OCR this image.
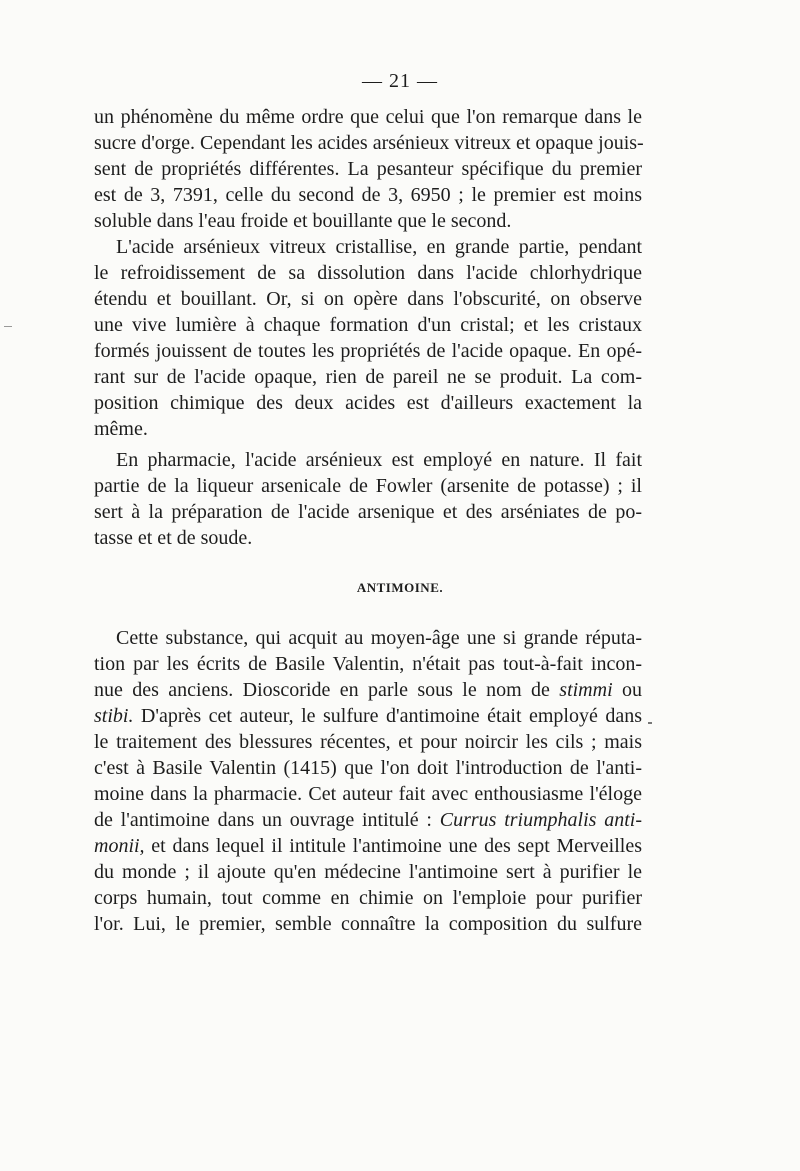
— 21 —
un phénomène du même ordre que celui que l'on remarque dans le
sucre d'orge. Cependant les acides arsénieux vitreux et opaque jouis-
sent de propriétés différentes. La pesanteur spécifique du premier
est de 3, 7391, celle du second de 3, 6950 ; le premier est moins
soluble dans l'eau froide et bouillante que le second.
L'acide arsénieux vitreux cristallise, en grande partie, pendant
le refroidissement de sa dissolution dans l'acide chlorhydrique
étendu et bouillant. Or, si on opère dans l'obscurité, on observe
une vive lumière à chaque formation d'un cristal; et les cristaux
formés jouissent de toutes les propriétés de l'acide opaque. En opé-
rant sur de l'acide opaque, rien de pareil ne se produit. La com-
position chimique des deux acides est d'ailleurs exactement la
même.
En pharmacie, l'acide arsénieux est employé en nature. Il fait
partie de la liqueur arsenicale de Fowler (arsenite de potasse) ; il
sert à la préparation de l'acide arsenique et des arséniates de po-
tasse et et de soude.
ANTIMOINE.
Cette substance, qui acquit au moyen-âge une si grande réputa-
tion par les écrits de Basile Valentin, n'était pas tout-à-fait incon-
nue des anciens. Dioscoride en parle sous le nom de stimmi ou
stibi. D'après cet auteur, le sulfure d'antimoine était employé dans
le traitement des blessures récentes, et pour noircir les cils ; mais
c'est à Basile Valentin (1415) que l'on doit l'introduction de l'anti-
moine dans la pharmacie. Cet auteur fait avec enthousiasme l'éloge
de l'antimoine dans un ouvrage intitulé : Currus triumphalis anti-
monii, et dans lequel il intitule l'antimoine une des sept Merveilles
du monde ; il ajoute qu'en médecine l'antimoine sert à purifier le
corps humain, tout comme en chimie on l'emploie pour purifier
l'or. Lui, le premier, semble connaître la composition du sulfure
